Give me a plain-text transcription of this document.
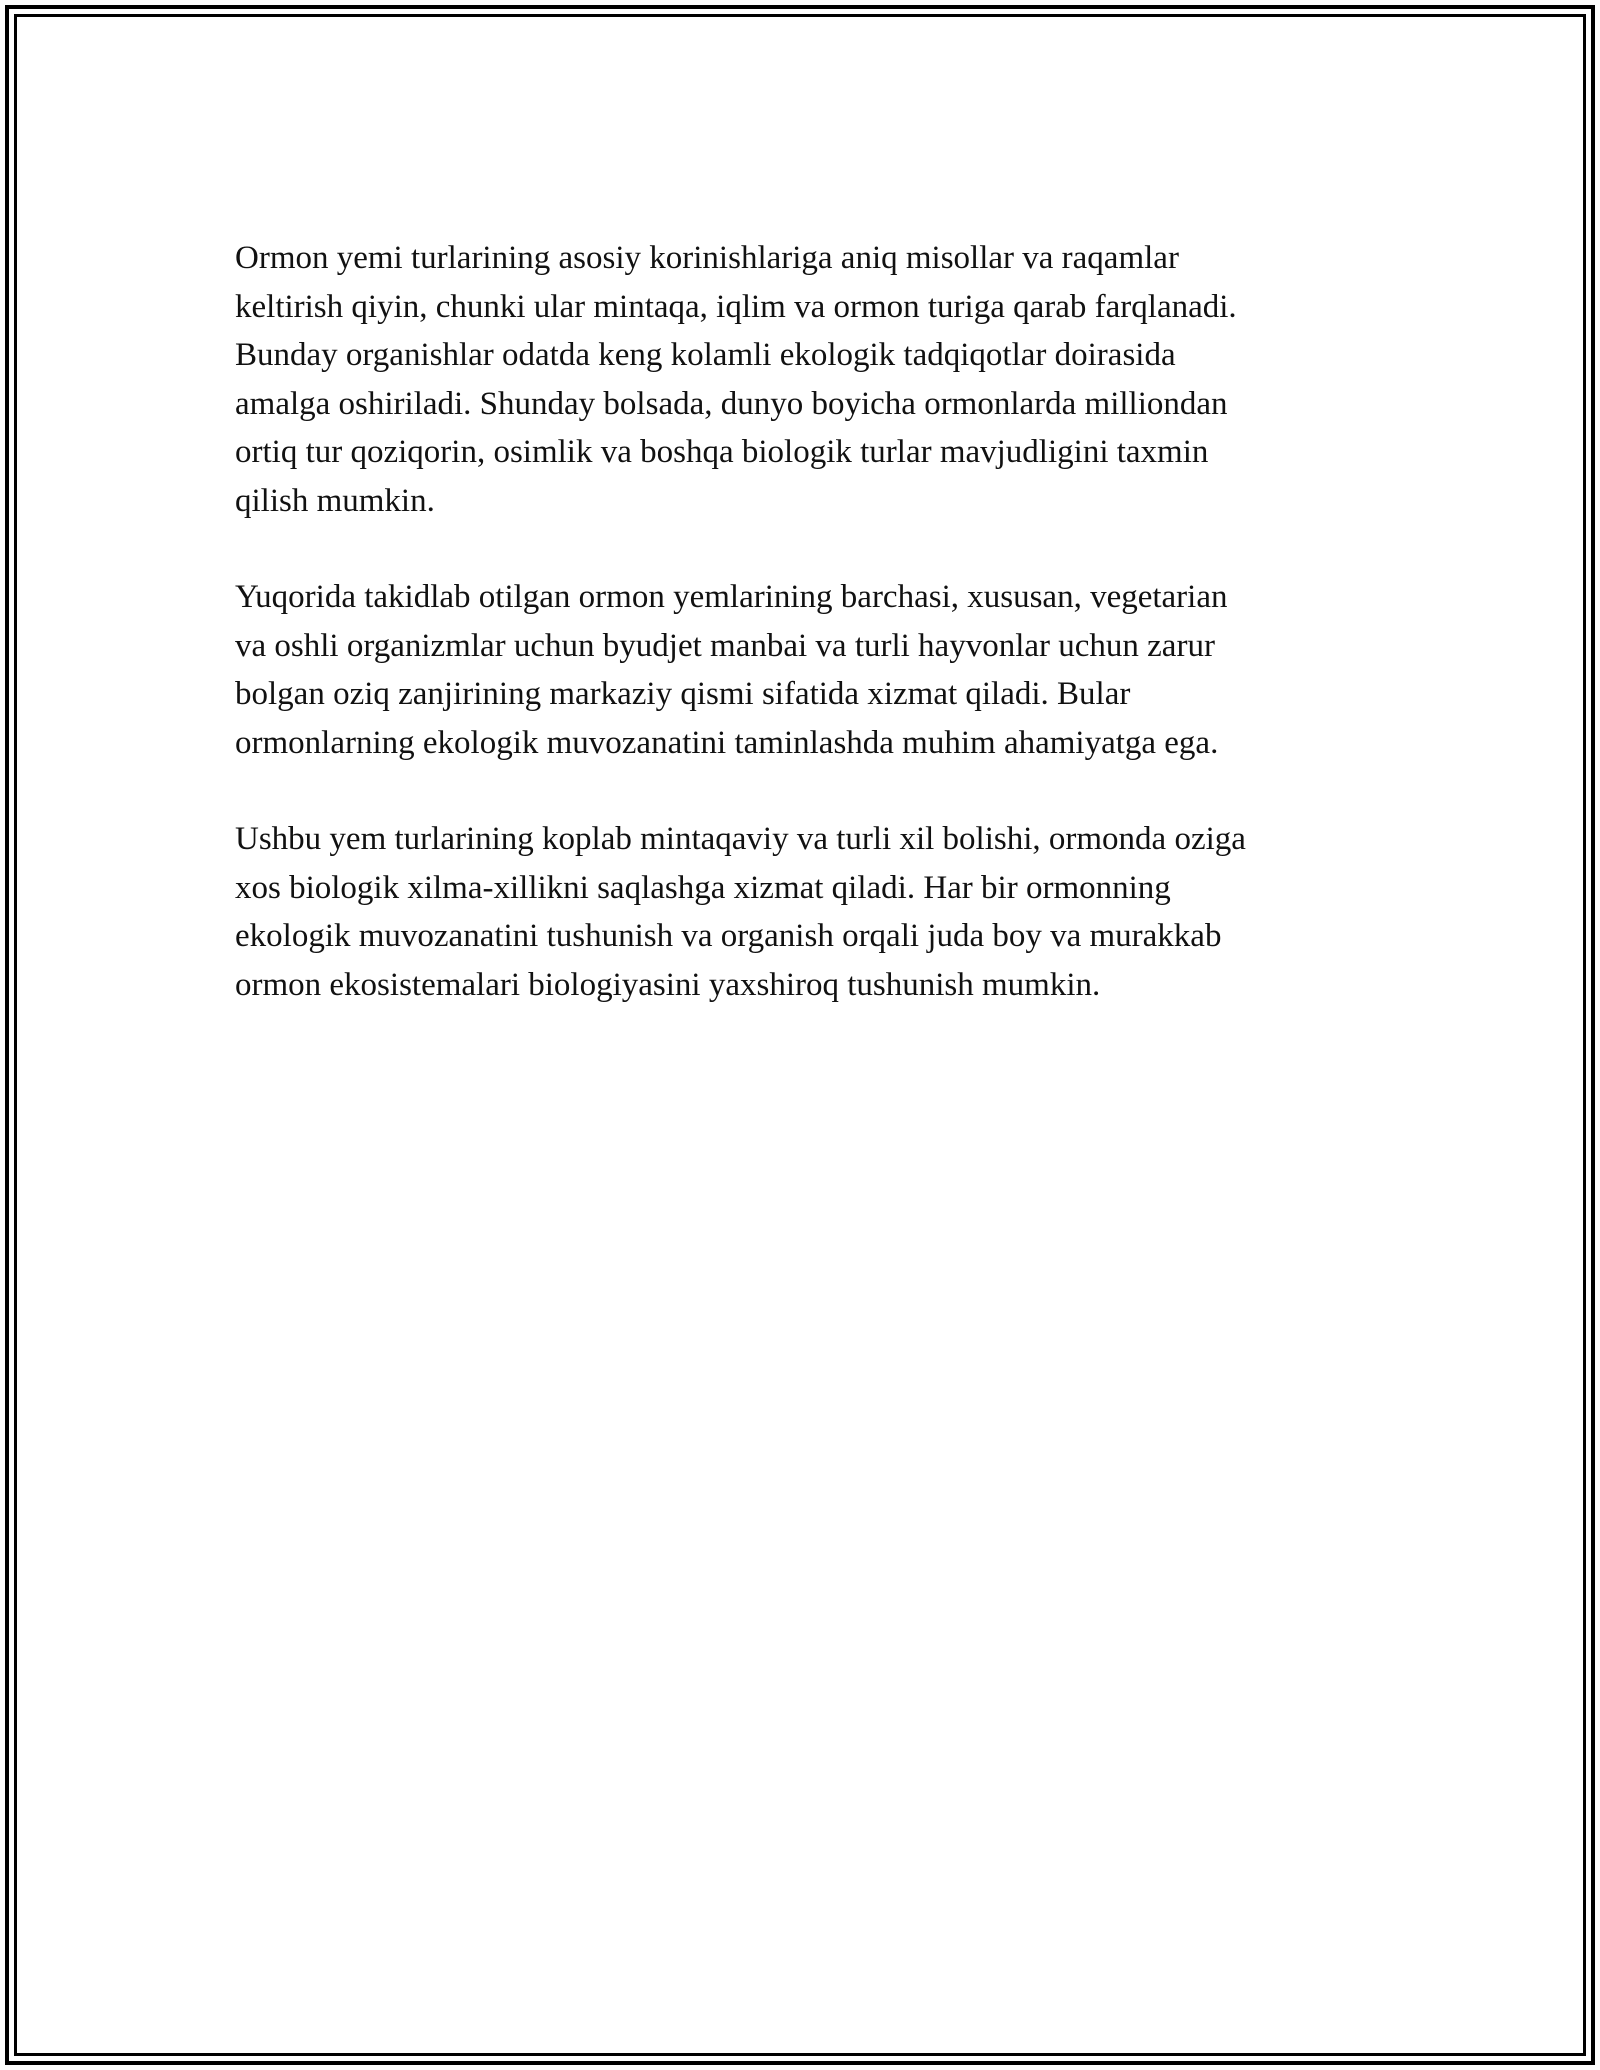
Ormon yemi turlarining asosiy korinishlariga aniq misollar va raqamlar
keltirish qiyin, chunki ular mintaqa, iqlim va ormon turiga qarab farqlanadi.
Bunday organishlar odatda keng kolamli ekologik tadqiqotlar doirasida
amalga oshiriladi. Shunday bolsada, dunyo boyicha ormonlarda milliondan
ortiq tur qoziqorin, osimlik va boshqa biologik turlar mavjudligini taxmin
qilish mumkin.

Yuqorida takidlab otilgan ormon yemlarining barchasi, xususan, vegetarian
va oshli organizmlar uchun byudjet manbai va turli hayvonlar uchun zarur
bolgan oziq zanjirining markaziy qismi sifatida xizmat qiladi. Bular
ormonlarning ekologik muvozanatini taminlashda muhim ahamiyatga ega.

Ushbu yem turlarining koplab mintaqaviy va turli xil bolishi, ormonda oziga
xos biologik xilma-xillikni saqlashga xizmat qiladi. Har bir ormonning
ekologik muvozanatini tushunish va organish orqali juda boy va murakkab
ormon ekosistemalari biologiyasini yaxshiroq tushunish mumkin.
